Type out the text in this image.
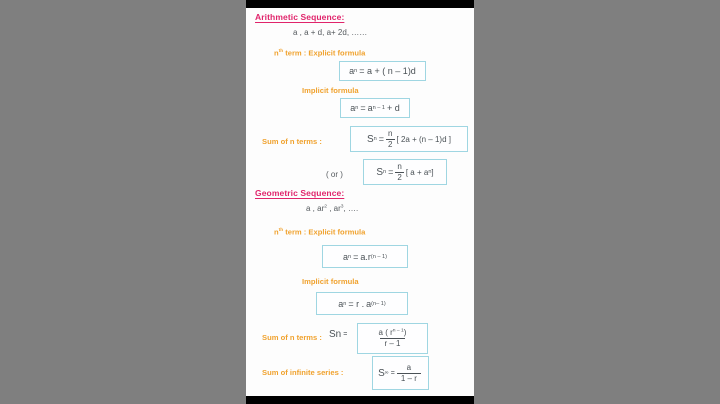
Arithmetic Sequence:
a , a + d, a+ 2d, ……
$n^{th}$ term : Explicit formula
a n = a + ( n – 1)d
Implicit formula
a n = a n – 1 + d
Sum of n terms :	S $n = \frac{n}{2}$ [ 2a + (n – 1)d ]
( or )	S $n = \frac{n}{2}$ [ a + a n ]
Geometric Sequence:
a , $ar^2$ , $ar^3$, ….
$n^{th}$ term : Explicit formula
a n = a.r (n – 1)
Implicit formula
a n = r . a (n– 1)
Sum of n terms : S n =	$\frac{a ( r^{n - 1})}{r - 1}$
Sum of infinite series :	S ∞ = $\frac{a}{1 - r}$
